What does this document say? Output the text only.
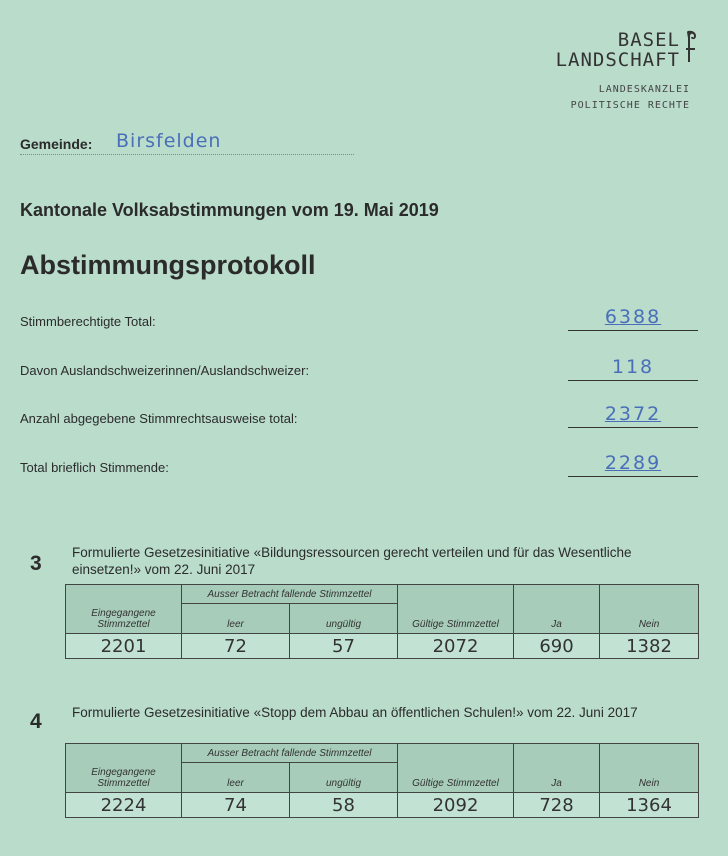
BASEL
LANDSCHAFT
LANDESKANZLEI
POLITISCHE RECHTE
Gemeinde: Birsfelden
Kantonale Volksabstimmungen vom 19. Mai 2019
Abstimmungsprotokoll
Stimmberechtigte Total:	6388
Davon Auslandschweizerinnen/Auslandschweizer:	118
Anzahl abgegebene Stimmrechtsausweise total:	2372
Total brieflich Stimmende:	2289
3 Formulierte Gesetzesinitiative «Bildungsressourcen gerecht verteilen und für das Wesentliche einsetzen!» vom 22. Juni 2017
Eingegangene Stimmzettel	Ausser Betracht fallende Stimmzettel		Gültige Stimmzettel	Ja	Nein
	leer	ungültig			
2201	72	57	2072	690	1382
4 Formulierte Gesetzesinitiative «Stopp dem Abbau an öffentlichen Schulen!» vom 22. Juni 2017
Eingegangene Stimmzettel	Ausser Betracht fallende Stimmzettel		Gültige Stimmzettel	Ja	Nein
	leer	ungültig			
2224	74	58	2092	728	1364
